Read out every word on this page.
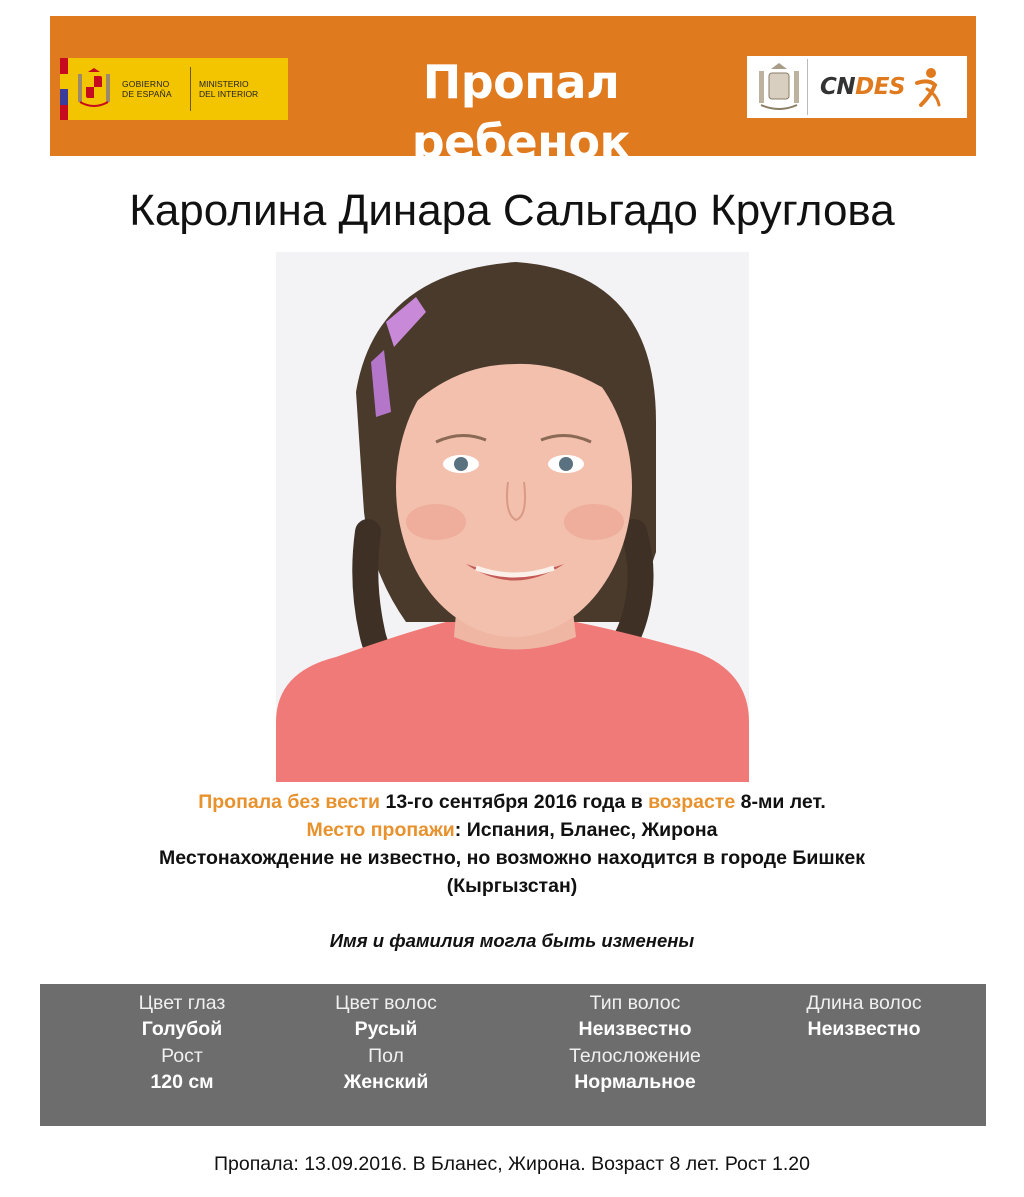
GOBIERNO
DE ESPAÑA
MINISTERIO
DEL INTERIOR	Пропал ребенок
CNDES
Каролина Динара Сальгадо Круглова
Пропала без вести 13-го сентября 2016 года в возрасте 8-ми лет.
Место пропажи: Испания, Бланес, Жирона
Местонахождение не известно, но возможно находится в городе Бишкек
(Кыргызстан)
Имя и фамилия могла быть изменены
Цвет глаз
Голубой
Рост
120 см
Цвет волос
Русый
Пол
Женский
Тип волос
Неизвестно
Телосложение
Нормальное
Длина волос
Неизвестно
Пропала: 13.09.2016. В Бланес, Жирона. Возраст 8 лет. Рост 1.20
